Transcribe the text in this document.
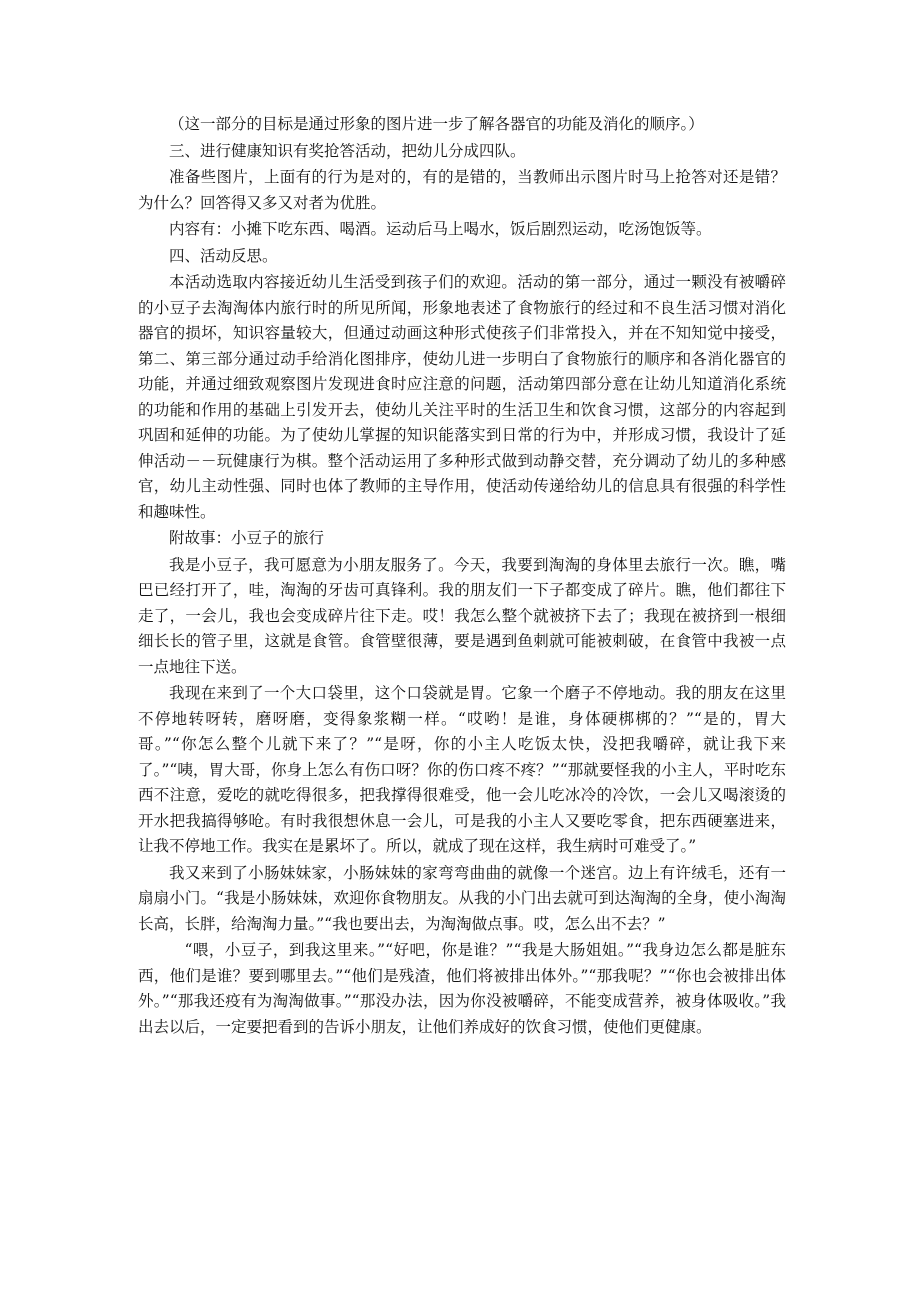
（这一部分的目标是通过形象的图片进一步了解各器官的功能及消化的顺序。）

三、进行健康知识有奖抢答活动，把幼儿分成四队。

准备些图片，上面有的行为是对的，有的是错的，当教师出示图片时马上抢答对还是错？为什么？回答得又多又对者为优胜。

内容有：小摊下吃东西、喝酒。运动后马上喝水，饭后剧烈运动，吃汤饱饭等。

四、活动反思。

本活动选取内容接近幼儿生活受到孩子们的欢迎。活动的第一部分，通过一颗没有被嚼碎的小豆子去淘淘体内旅行时的所见所闻，形象地表述了食物旅行的经过和不良生活习惯对消化器官的损坏，知识容量较大，但通过动画这种形式使孩子们非常投入，并在不知知觉中接受，第二、第三部分通过动手给消化图排序，使幼儿进一步明白了食物旅行的顺序和各消化器官的功能，并通过细致观察图片发现进食时应注意的问题，活动第四部分意在让幼儿知道消化系统的功能和作用的基础上引发开去，使幼儿关注平时的生活卫生和饮食习惯，这部分的内容起到巩固和延伸的功能。为了使幼儿掌握的知识能落实到日常的行为中，并形成习惯，我设计了延伸活动－－玩健康行为棋。整个活动运用了多种形式做到动静交替，充分调动了幼儿的多种感官，幼儿主动性强、同时也体了教师的主导作用，使活动传递给幼儿的信息具有很强的科学性和趣味性。

附故事：小豆子的旅行

我是小豆子，我可愿意为小朋友服务了。今天，我要到淘淘的身体里去旅行一次。瞧，嘴巴已经打开了，哇，淘淘的牙齿可真锋利。我的朋友们一下子都变成了碎片。瞧，他们都往下走了，一会儿，我也会变成碎片往下走。哎！我怎么整个就被挤下去了；我现在被挤到一根细细长长的管子里，这就是食管。食管壁很薄，要是遇到鱼刺就可能被刺破，在食管中我被一点一点地往下送。

我现在来到了一个大口袋里，这个口袋就是胃。它象一个磨子不停地动。我的朋友在这里不停地转呀转，磨呀磨，变得象浆糊一样。“哎哟！是谁，身体硬梆梆的？”“是的，胃大哥。”“你怎么整个儿就下来了？”“是呀，你的小主人吃饭太快，没把我嚼碎，就让我下来了。”“咦，胃大哥，你身上怎么有伤口呀？你的伤口疼不疼？”“那就要怪我的小主人，平时吃东西不注意，爱吃的就吃得很多，把我撑得很难受，他一会儿吃冰冷的冷饮，一会儿又喝滚烫的开水把我搞得够呛。有时我很想休息一会儿，可是我的小主人又要吃零食，把东西硬塞进来，让我不停地工作。我实在是累坏了。所以，就成了现在这样，我生病时可难受了。”

我又来到了小肠妹妹家，小肠妹妹的家弯弯曲曲的就像一个迷宫。边上有许绒毛，还有一扇扇小门。“我是小肠妹妹，欢迎你食物朋友。从我的小门出去就可到达淘淘的全身，使小淘淘长高，长胖，给淘淘力量。”“我也要出去，为淘淘做点事。哎，怎么出不去？”

“喂，小豆子，到我这里来。”“好吧，你是谁？”“我是大肠姐姐。”“我身边怎么都是脏东西，他们是谁？要到哪里去。”“他们是残渣，他们将被排出体外。”“那我呢？”“你也会被排出体外。”“那我还疫有为淘淘做事。”“那没办法，因为你没被嚼碎，不能变成营养，被身体吸收。”我出去以后，一定要把看到的告诉小朋友，让他们养成好的饮食习惯，使他们更健康。
